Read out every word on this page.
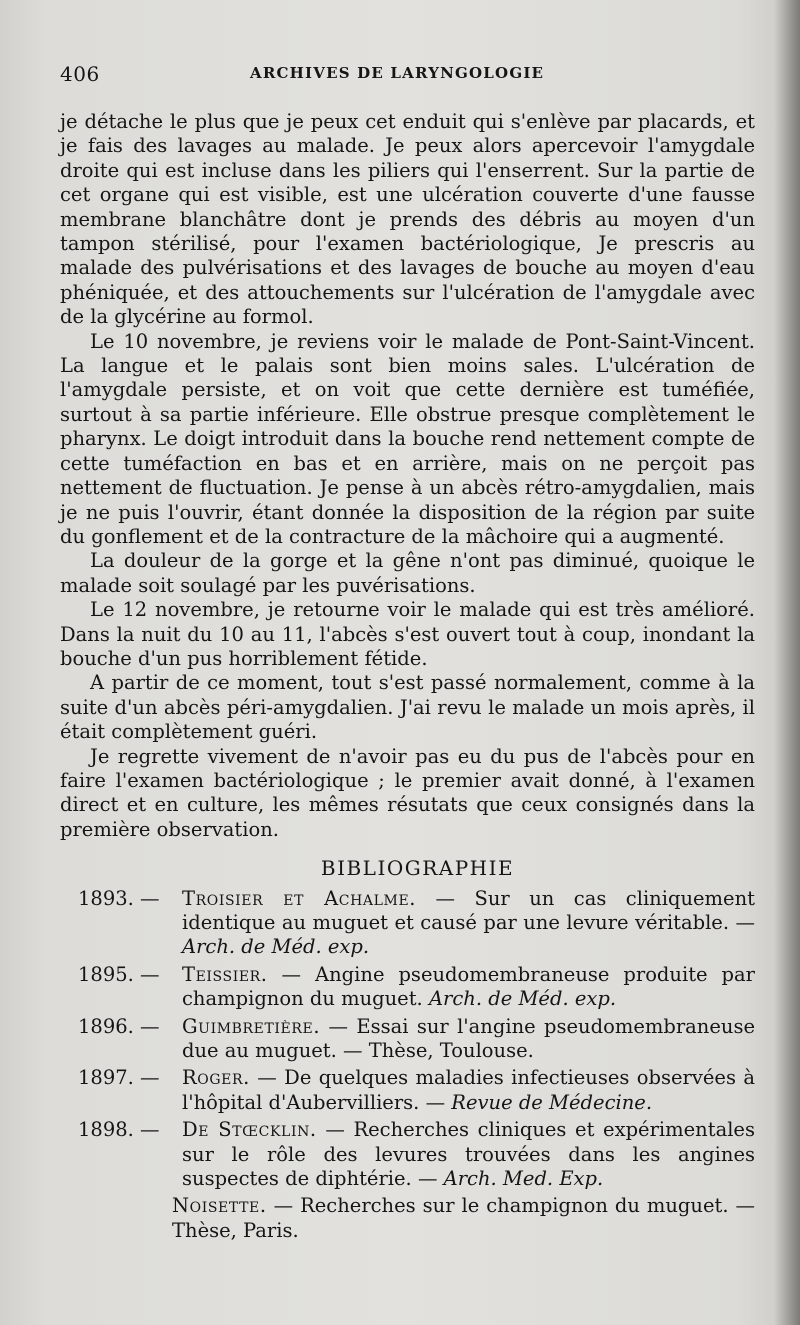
406	ARCHIVES DE LARYNGOLOGIE

je détache le plus que je peux cet enduit qui s'enlève par placards, et je fais des lavages au malade. Je peux alors apercevoir l'amygdale droite qui est incluse dans les piliers qui l'enserrent. Sur la partie de cet organe qui est visible, est une ulcération couverte d'une fausse membrane blanchâtre dont je prends des débris au moyen d'un tampon stérilisé, pour l'examen bactériologique, Je prescris au malade des pulvérisations et des lavages de bouche au moyen d'eau phéniquée, et des attouchements sur l'ulcération de l'amygdale avec de la glycérine au formol.

Le 10 novembre, je reviens voir le malade de Pont-Saint-Vincent. La langue et le palais sont bien moins sales. L'ulcération de l'amygdale persiste, et on voit que cette dernière est tuméfiée, surtout à sa partie inférieure. Elle obstrue presque complètement le pharynx. Le doigt introduit dans la bouche rend nettement compte de cette tuméfaction en bas et en arrière, mais on ne perçoit pas nettement de fluctuation. Je pense à un abcès rétro-amygdalien, mais je ne puis l'ouvrir, étant donnée la disposition de la région par suite du gonflement et de la contracture de la mâchoire qui a augmenté.

La douleur de la gorge et la gêne n'ont pas diminué, quoique le malade soit soulagé par les puvérisations.

Le 12 novembre, je retourne voir le malade qui est très amélioré. Dans la nuit du 10 au 11, l'abcès s'est ouvert tout à coup, inondant la bouche d'un pus horriblement fétide.

A partir de ce moment, tout s'est passé normalement, comme à la suite d'un abcès péri-amygdalien. J'ai revu le malade un mois après, il était complètement guéri.

Je regrette vivement de n'avoir pas eu du pus de l'abcès pour en faire l'examen bactériologique ; le premier avait donné, à l'examen direct et en culture, les mêmes résutats que ceux consignés dans la première observation.

BIBLIOGRAPHIE
1893. — Troisier et Achalme. — Sur un cas cliniquement identique au muguet et causé par une levure véritable. — Arch. de Méd. exp.
1895. — Teissier. — Angine pseudomembraneuse produite par champignon du muguet. Arch. de Méd. exp.
1896. — Guimbretière. — Essai sur l'angine pseudomembraneuse due au muguet. — Thèse, Toulouse.
1897. — Roger. — De quelques maladies infectieuses observées à l'hôpital d'Aubervilliers. — Revue de Médecine.
1898. — De Stœcklin. — Recherches cliniques et expérimentales sur le rôle des levures trouvées dans les angines suspectes de diphtérie. — Arch. Med. Exp.
Noisette. — Recherches sur le champignon du muguet. — Thèse, Paris.
